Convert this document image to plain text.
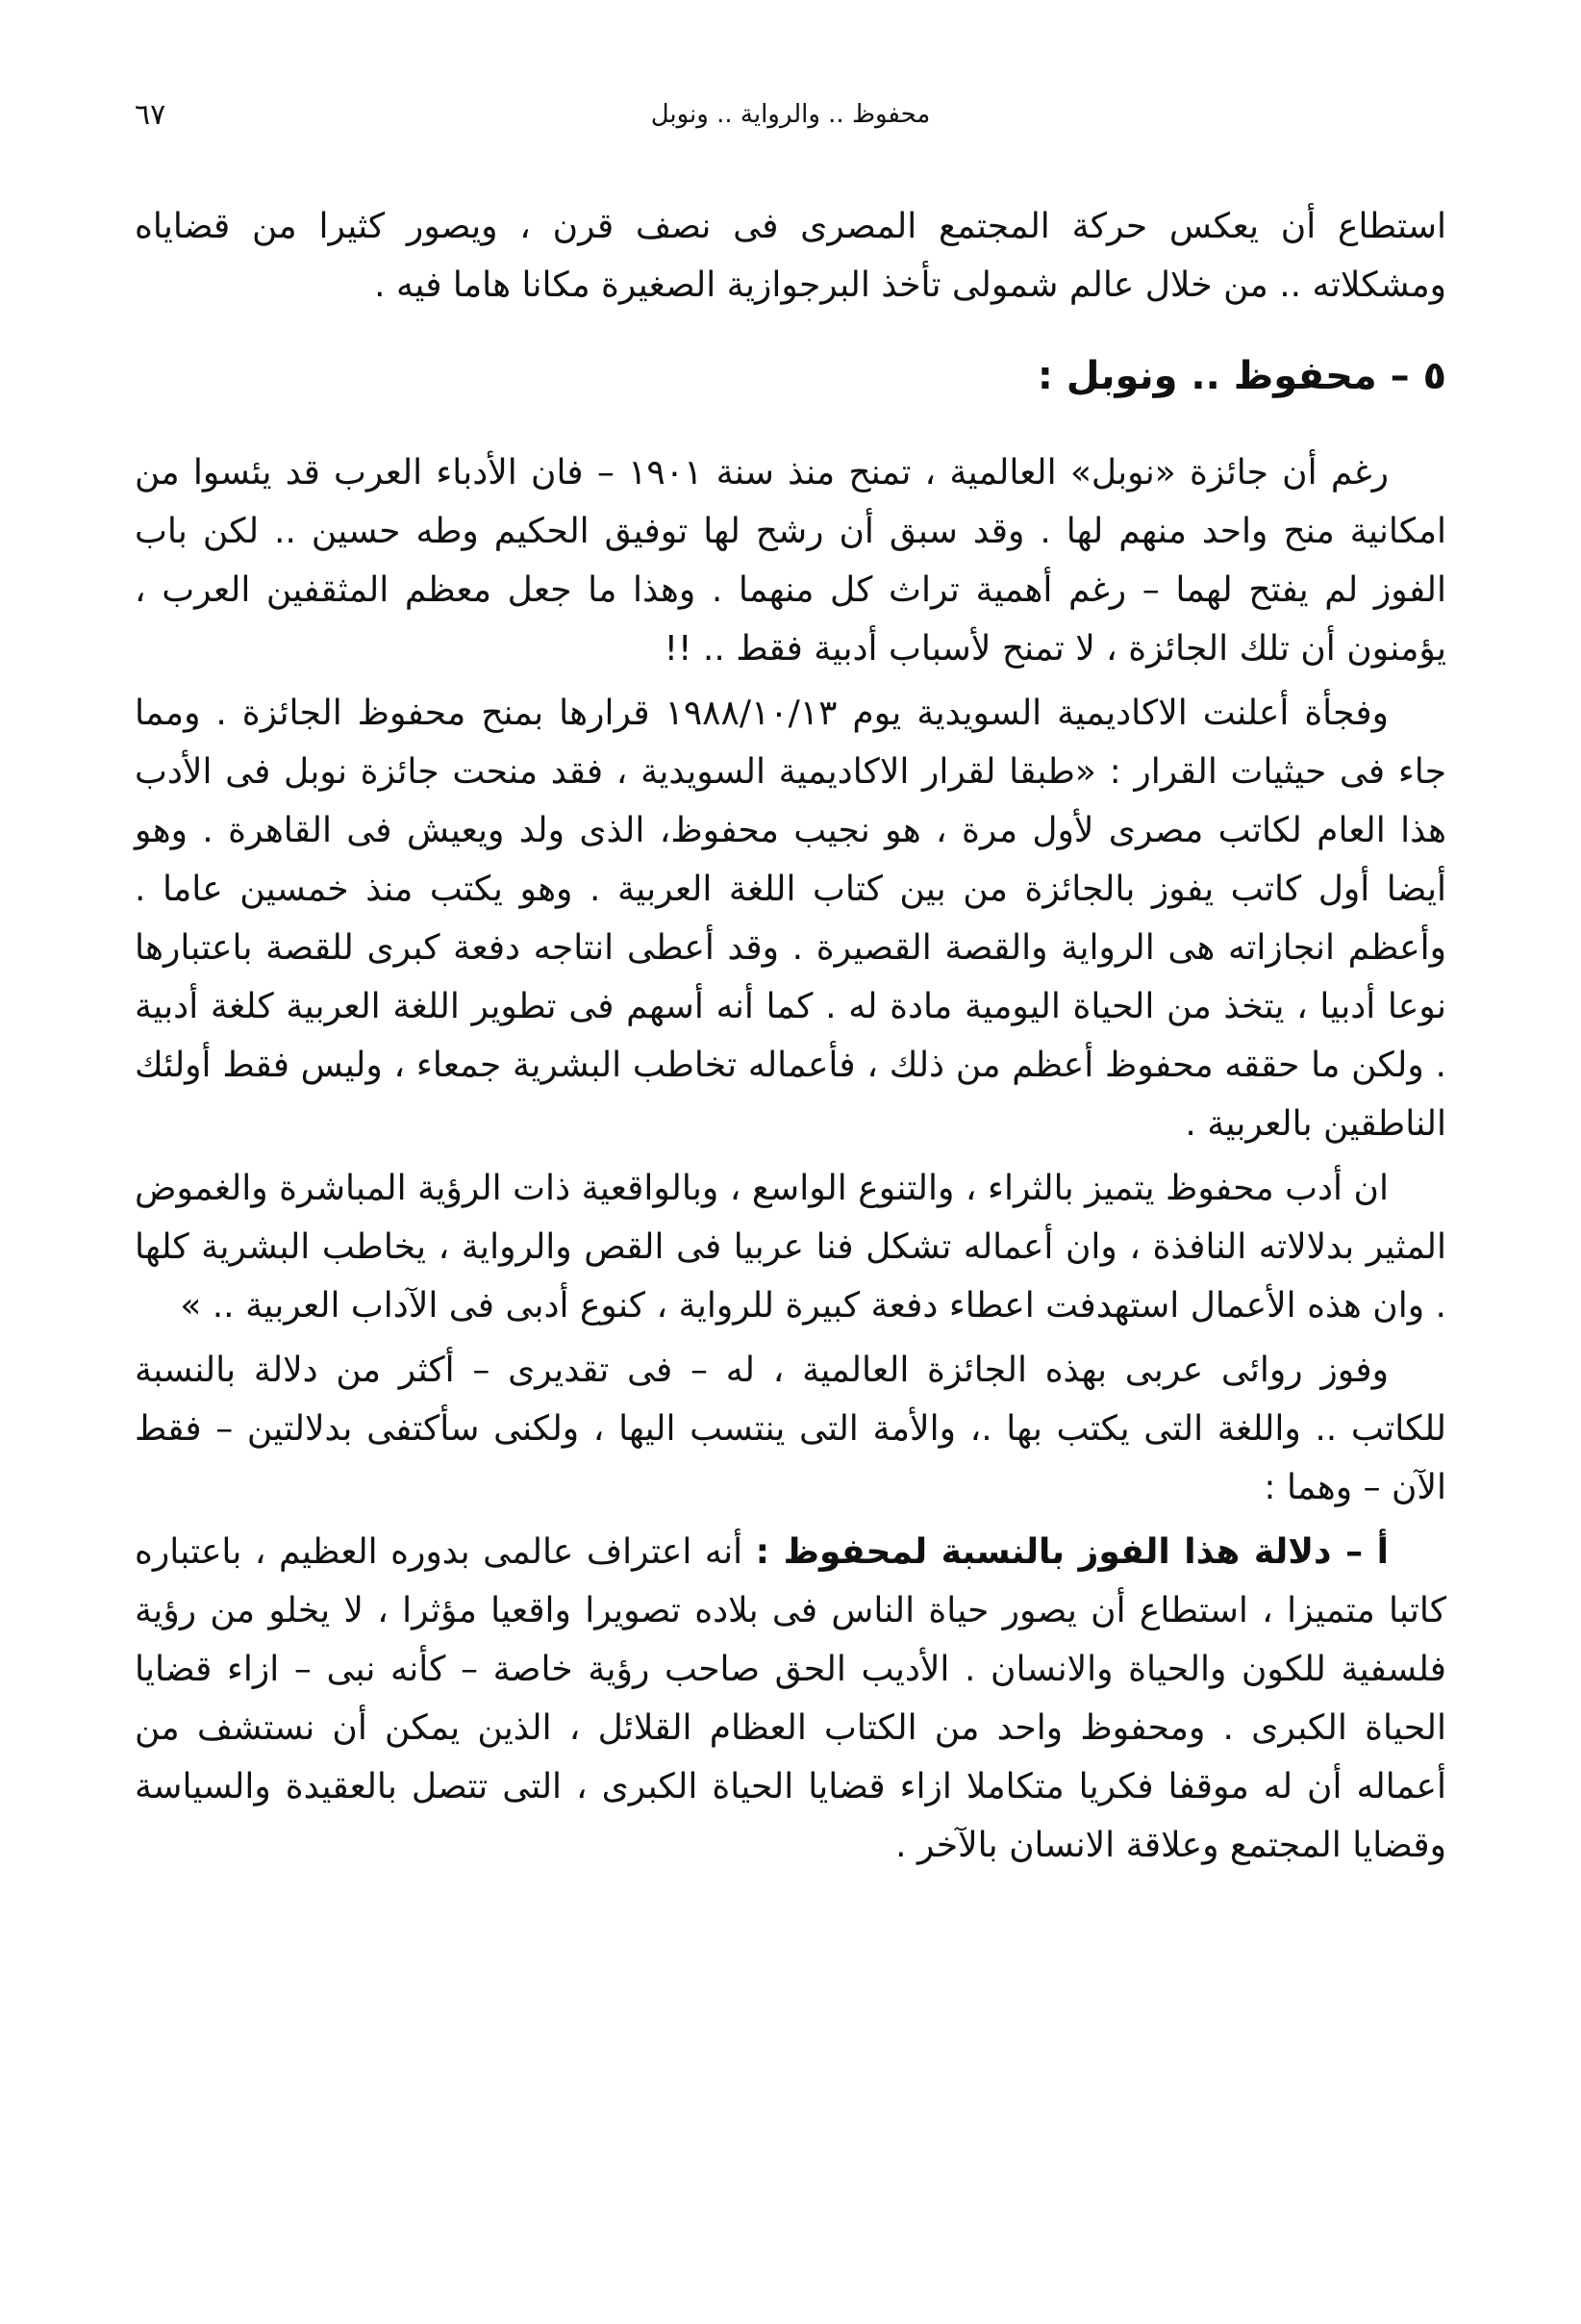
محفوظ .. والرواية .. ونوبل
٦٧

استطاع أن يعكس حركة المجتمع المصرى فى نصف قرن ، ويصور كثيرا من قضاياه ومشكلاته .. من خلال عالم شمولى تأخذ البرجوازية الصغيرة مكانا هاما فيه .

٥ – محفوظ .. ونوبل :

رغم أن جائزة «نوبل» العالمية ، تمنح منذ سنة ١٩٠١ – فان الأدباء العرب قد يئسوا من امكانية منح واحد منهم لها . وقد سبق أن رشح لها توفيق الحكيم وطه حسين .. لكن باب الفوز لم يفتح لهما – رغم أهمية تراث كل منهما . وهذا ما جعل معظم المثقفين العرب ، يؤمنون أن تلك الجائزة ، لا تمنح لأسباب أدبية فقط .. !!

وفجأة أعلنت الاكاديمية السويدية يوم ١٩٨٨/١٠/١٣ قرارها بمنح محفوظ الجائزة . ومما جاء فى حيثيات القرار : «طبقا لقرار الاكاديمية السويدية ، فقد منحت جائزة نوبل فى الأدب هذا العام لكاتب مصرى لأول مرة ، هو نجيب محفوظ، الذى ولد ويعيش فى القاهرة . وهو أيضا أول كاتب يفوز بالجائزة من بين كتاب اللغة العربية . وهو يكتب منذ خمسين عاما . وأعظم انجازاته هى الرواية والقصة القصيرة . وقد أعطى انتاجه دفعة كبرى للقصة باعتبارها نوعا أدبيا ، يتخذ من الحياة اليومية مادة له . كما أنه أسهم فى تطوير اللغة العربية كلغة أدبية . ولكن ما حققه محفوظ أعظم من ذلك ، فأعماله تخاطب البشرية جمعاء ، وليس فقط أولئك الناطقين بالعربية .

ان أدب محفوظ يتميز بالثراء ، والتنوع الواسع ، وبالواقعية ذات الرؤية المباشرة والغموض المثير بدلالاته النافذة ، وان أعماله تشكل فنا عربيا فى القص والرواية ، يخاطب البشرية كلها . وان هذه الأعمال استهدفت اعطاء دفعة كبيرة للرواية ، كنوع أدبى فى الآداب العربية .. »

وفوز روائى عربى بهذه الجائزة العالمية ، له – فى تقديرى – أكثر من دلالة بالنسبة للكاتب .. واللغة التى يكتب بها .، والأمة التى ينتسب اليها ، ولكنى سأكتفى بدلالتين – فقط الآن – وهما :

أ – دلالة هذا الفوز بالنسبة لمحفوظ : أنه اعتراف عالمى بدوره العظيم ، باعتباره كاتبا متميزا ، استطاع أن يصور حياة الناس فى بلاده تصويرا واقعيا مؤثرا ، لا يخلو من رؤية فلسفية للكون والحياة والانسان . الأديب الحق صاحب رؤية خاصة – كأنه نبى – ازاء قضايا الحياة الكبرى . ومحفوظ واحد من الكتاب العظام القلائل ، الذين يمكن أن نستشف من أعماله أن له موقفا فكريا متكاملا ازاء قضايا الحياة الكبرى ، التى تتصل بالعقيدة والسياسة وقضايا المجتمع وعلاقة الانسان بالآخر .
